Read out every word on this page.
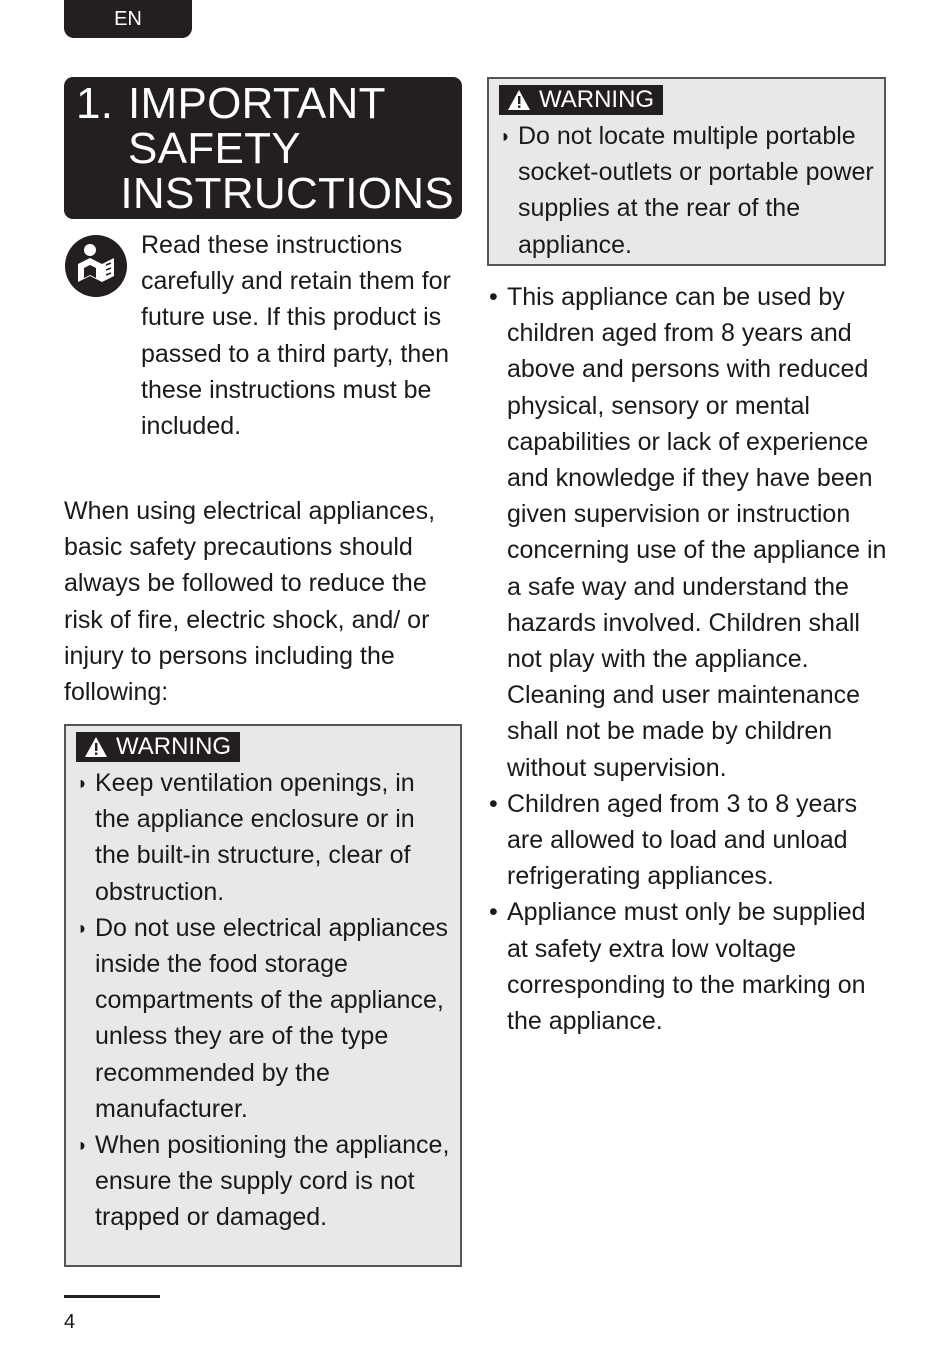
EN
1. IMPORTANT
SAFETY
INSTRUCTIONS

Read these instructions carefully and retain them for future use. If this product is passed to a third party, then these instructions must be included.

When using electrical appliances, basic safety precautions should always be followed to reduce the risk of fire, electric shock, and/ or injury to persons including the following:

WARNING
◗ Keep ventilation openings, in the appliance enclosure or in the built-in structure, clear of obstruction.
◗ Do not use electrical appliances inside the food storage compartments of the appliance, unless they are of the type recommended by the manufacturer.
◗ When positioning the appliance, ensure the supply cord is not trapped or damaged.
WARNING
◗ Do not locate multiple portable socket-outlets or portable power supplies at the rear of the appliance.
• This appliance can be used by children aged from 8 years and above and persons with reduced physical, sensory or mental capabilities or lack of experience and knowledge if they have been given supervision or instruction concerning use of the appliance in a safe way and understand the hazards involved. Children shall not play with the appliance. Cleaning and user maintenance shall not be made by children without supervision.
• Children aged from 3 to 8 years are allowed to load and unload refrigerating appliances.
• Appliance must only be supplied at safety extra low voltage corresponding to the marking on the appliance.
4
